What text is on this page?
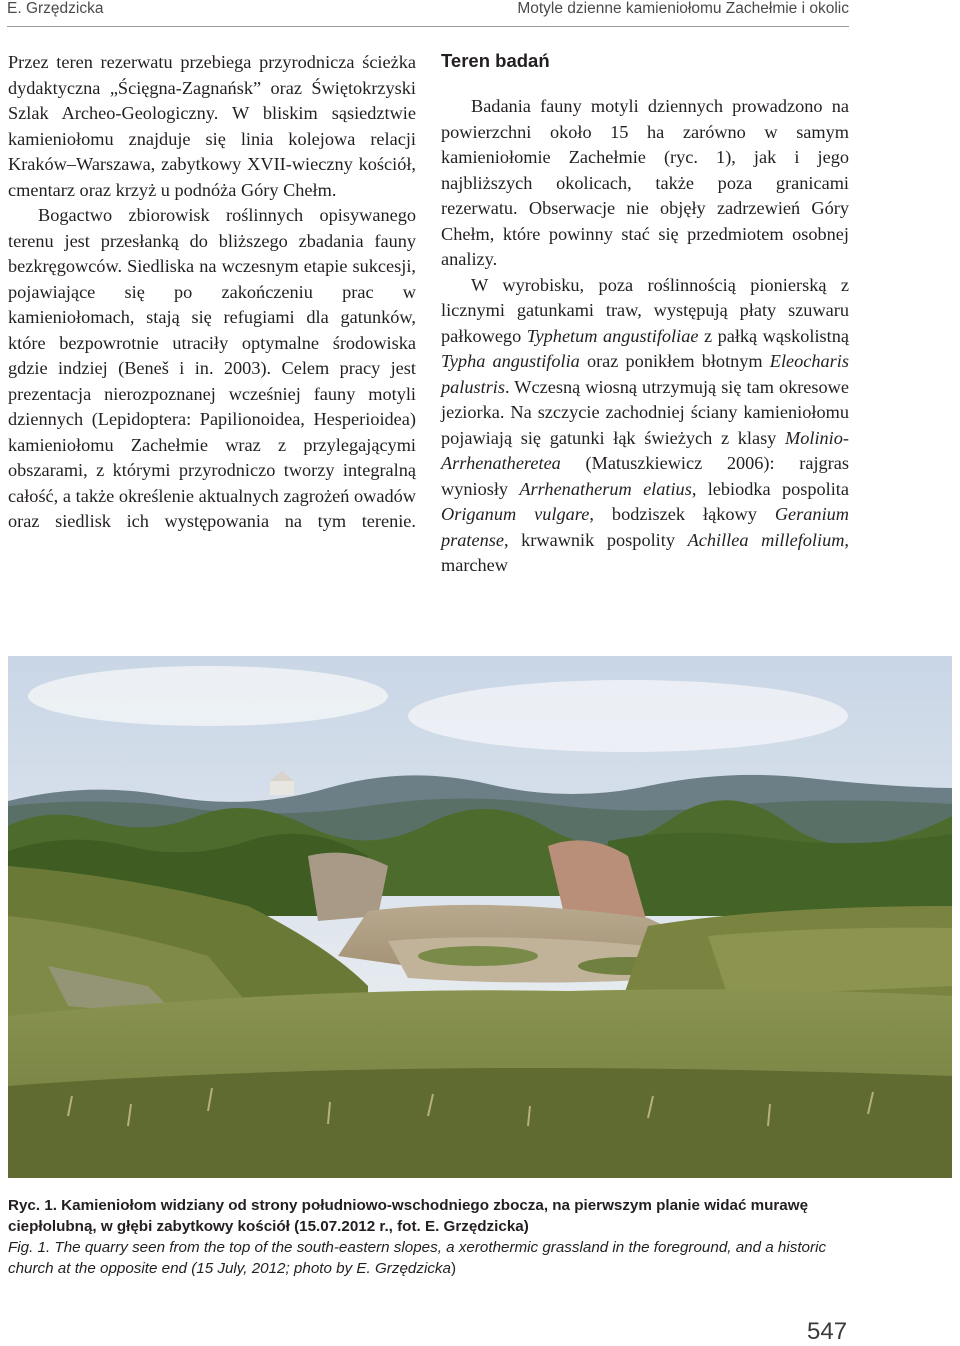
E. Grzędzicka	Motyle dzienne kamieniołomu Zachełmie i okolic

Przez teren rezerwatu przebiega przyrodnicza ścieżka dydaktyczna „Ścięgna-Zagnańsk” oraz Świętokrzyski Szlak Archeo-Geologiczny. W bliskim sąsiedztwie kamieniołomu znajduje się linia kolejowa relacji Kraków–Warszawa, zabytkowy XVII-wieczny kościół, cmentarz oraz krzyż u podnóża Góry Chełm.

Bogactwo zbiorowisk roślinnych opisywanego terenu jest przesłanką do bliższego zbadania fauny bezkręgowców. Siedliska na wczesnym etapie sukcesji, pojawiające się po zakończeniu prac w kamieniołomach, stają się refugiami dla gatunków, które bezpowrotnie utraciły optymalne środowiska gdzie indziej (Beneš i in. 2003). Celem pracy jest prezentacja nierozpoznanej wcześniej fauny motyli dziennych (Lepidoptera: Papilionoidea, Hesperioidea) kamieniołomu Zachełmie wraz z przylegającymi obszarami, z którymi przyrodniczo tworzy integralną całość, a także określenie aktualnych zagrożeń owadów oraz siedlisk ich występowania na tym terenie.

Teren badań

Badania fauny motyli dziennych prowadzono na powierzchni około 15 ha zarówno w samym kamieniołomie Zachełmie (ryc. 1), jak i jego najbliższych okolicach, także poza granicami rezerwatu. Obserwacje nie objęły zadrzewień Góry Chełm, które powinny stać się przedmiotem osobnej analizy.

W wyrobisku, poza roślinnością pionierską z licznymi gatunkami traw, występują płaty szuwaru pałkowego Typhetum angustifoliae z pałką wąskolistną Typha angustifolia oraz ponikłem błotnym Eleocharis palustris. Wczesną wiosną utrzymują się tam okresowe jeziorka. Na szczycie zachodniej ściany kamieniołomu pojawiają się gatunki łąk świeżych z klasy Molinio-Arrhenatheretea (Matuszkiewicz 2006): rajgras wyniosły Arrhenatherum elatius, lebiodka pospolita Origanum vulgare, bodziszek łąkowy Geranium pratense, krwawnik pospolity Achillea millefolium, marchew

Ryc. 1. Kamieniołom widziany od strony południowo-wschodniego zbocza, na pierwszym planie widać murawę ciepłolubną, w głębi zabytkowy kościół (15.07.2012 r., fot. E. Grzędzicka)

Fig. 1. The quarry seen from the top of the south-eastern slopes, a xerothermic grassland in the foreground, and a historic church at the opposite end (15 July, 2012; photo by E. Grzędzicka)

547
